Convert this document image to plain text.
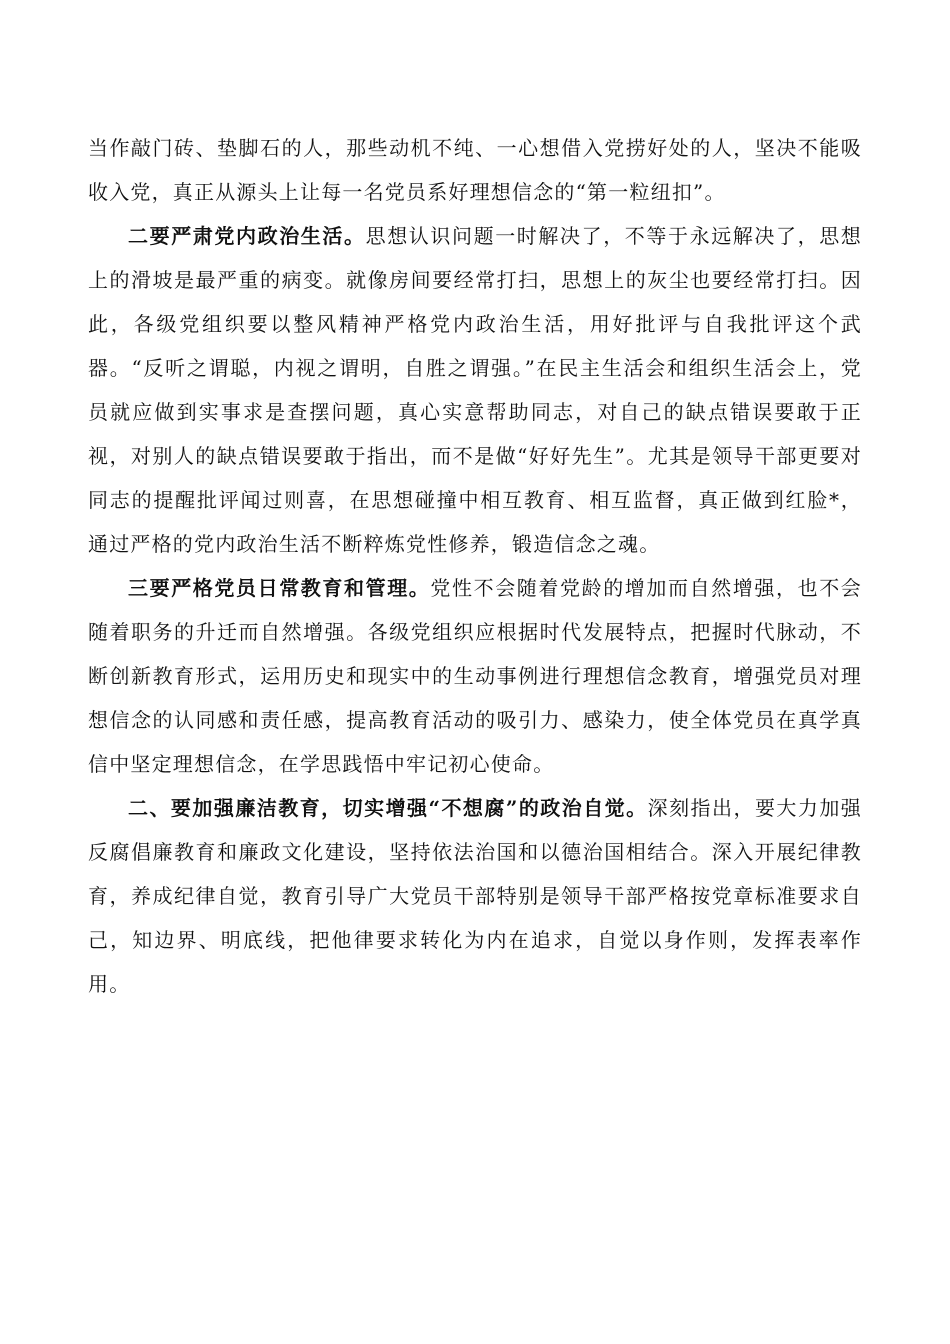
当作敲门砖、垫脚石的人，那些动机不纯、一心想借入党捞好处的人，坚决不能吸收入党，真正从源头上让每一名党员系好理想信念的“第一粒纽扣”。

二要严肃党内政治生活。思想认识问题一时解决了，不等于永远解决了，思想上的滑坡是最严重的病变。就像房间要经常打扫，思想上的灰尘也要经常打扫。因此，各级党组织要以整风精神严格党内政治生活，用好批评与自我批评这个武器。“反听之谓聪，内视之谓明，自胜之谓强。”在民主生活会和组织生活会上，党员就应做到实事求是查摆问题，真心实意帮助同志，对自己的缺点错误要敢于正视，对别人的缺点错误要敢于指出，而不是做“好好先生”。尤其是领导干部更要对同志的提醒批评闻过则喜，在思想碰撞中相互教育、相互监督，真正做到红脸*，通过严格的党内政治生活不断粹炼党性修养，锻造信念之魂。

三要严格党员日常教育和管理。党性不会随着党龄的增加而自然增强，也不会随着职务的升迁而自然增强。各级党组织应根据时代发展特点，把握时代脉动，不断创新教育形式，运用历史和现实中的生动事例进行理想信念教育，增强党员对理想信念的认同感和责任感，提高教育活动的吸引力、感染力，使全体党员在真学真信中坚定理想信念，在学思践悟中牢记初心使命。

二、要加强廉洁教育，切实增强“不想腐”的政治自觉。深刻指出，要大力加强反腐倡廉教育和廉政文化建设，坚持依法治国和以德治国相结合。深入开展纪律教育，养成纪律自觉，教育引导广大党员干部特别是领导干部严格按党章标准要求自己，知边界、明底线，把他律要求转化为内在追求，自觉以身作则，发挥表率作用。
